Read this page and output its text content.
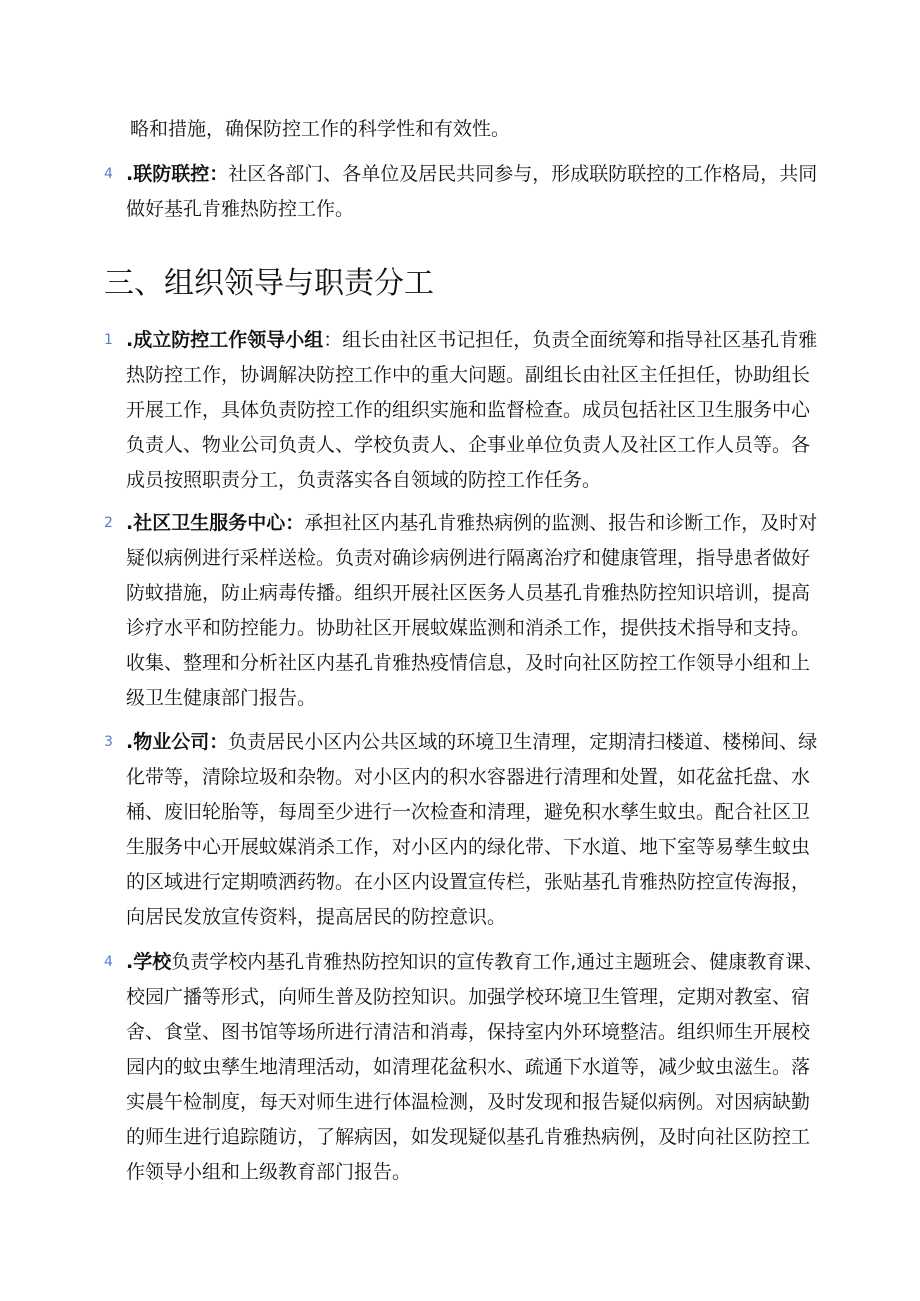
略和措施，确保防控工作的科学性和有效性。

4 .联防联控：社区各部门、各单位及居民共同参与，形成联防联控的工作格局，共同做好基孔肯雅热防控工作。

三、组织领导与职责分工
1 .成立防控工作领导小组：组长由社区书记担任，负责全面统筹和指导社区基孔肯雅热防控工作，协调解决防控工作中的重大问题。副组长由社区主任担任，协助组长开展工作，具体负责防控工作的组织实施和监督检查。成员包括社区卫生服务中心负责人、物业公司负责人、学校负责人、企事业单位负责人及社区工作人员等。各成员按照职责分工，负责落实各自领域的防控工作任务。

2 .社区卫生服务中心：承担社区内基孔肯雅热病例的监测、报告和诊断工作，及时对疑似病例进行采样送检。负责对确诊病例进行隔离治疗和健康管理，指导患者做好防蚊措施，防止病毒传播。组织开展社区医务人员基孔肯雅热防控知识培训，提高诊疗水平和防控能力。协助社区开展蚊媒监测和消杀工作，提供技术指导和支持。收集、整理和分析社区内基孔肯雅热疫情信息，及时向社区防控工作领导小组和上级卫生健康部门报告。

3 .物业公司：负责居民小区内公共区域的环境卫生清理，定期清扫楼道、楼梯间、绿化带等，清除垃圾和杂物。对小区内的积水容器进行清理和处置，如花盆托盘、水桶、废旧轮胎等，每周至少进行一次检查和清理，避免积水孳生蚊虫。配合社区卫生服务中心开展蚊媒消杀工作，对小区内的绿化带、下水道、地下室等易孳生蚊虫的区域进行定期喷洒药物。在小区内设置宣传栏，张贴基孔肯雅热防控宣传海报，向居民发放宣传资料，提高居民的防控意识。

4 .学校负责学校内基孔肯雅热防控知识的宣传教育工作,通过主题班会、健康教育课、校园广播等形式，向师生普及防控知识。加强学校环境卫生管理，定期对教室、宿舍、食堂、图书馆等场所进行清洁和消毒，保持室内外环境整洁。组织师生开展校园内的蚊虫孳生地清理活动，如清理花盆积水、疏通下水道等，减少蚊虫滋生。落实晨午检制度，每天对师生进行体温检测，及时发现和报告疑似病例。对因病缺勤的师生进行追踪随访，了解病因，如发现疑似基孔肯雅热病例，及时向社区防控工作领导小组和上级教育部门报告。
